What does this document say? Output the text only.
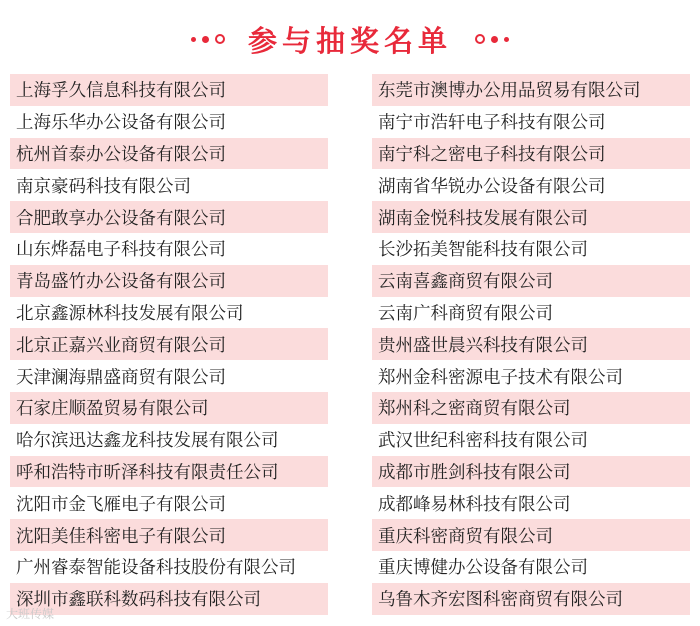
参与抽奖名单
上海孚久信息科技有限公司	东莞市澳博办公用品贸易有限公司
上海乐华办公设备有限公司	南宁市浩轩电子科技有限公司
杭州首泰办公设备有限公司	南宁科之密电子科技有限公司
南京豪码科技有限公司	湖南省华锐办公设备有限公司
合肥敢享办公设备有限公司	湖南金悦科技发展有限公司
山东烨磊电子科技有限公司	长沙拓美智能科技有限公司
青岛盛竹办公设备有限公司	云南喜鑫商贸有限公司
北京鑫源林科技发展有限公司	云南广科商贸有限公司
北京正嘉兴业商贸有限公司	贵州盛世晨兴科技有限公司
天津澜海鼎盛商贸有限公司	郑州金科密源电子技术有限公司
石家庄顺盈贸易有限公司	郑州科之密商贸有限公司
哈尔滨迅达鑫龙科技发展有限公司	武汉世纪科密科技有限公司
呼和浩特市昕泽科技有限责任公司	成都市胜剑科技有限公司
沈阳市金飞雁电子有限公司	成都峰易林科技有限公司
沈阳美佳科密电子有限公司	重庆科密商贸有限公司
广州睿泰智能设备科技股份有限公司	重庆博健办公设备有限公司
深圳市鑫联科数码科技有限公司	乌鲁木齐宏图科密商贸有限公司
大班传媒
